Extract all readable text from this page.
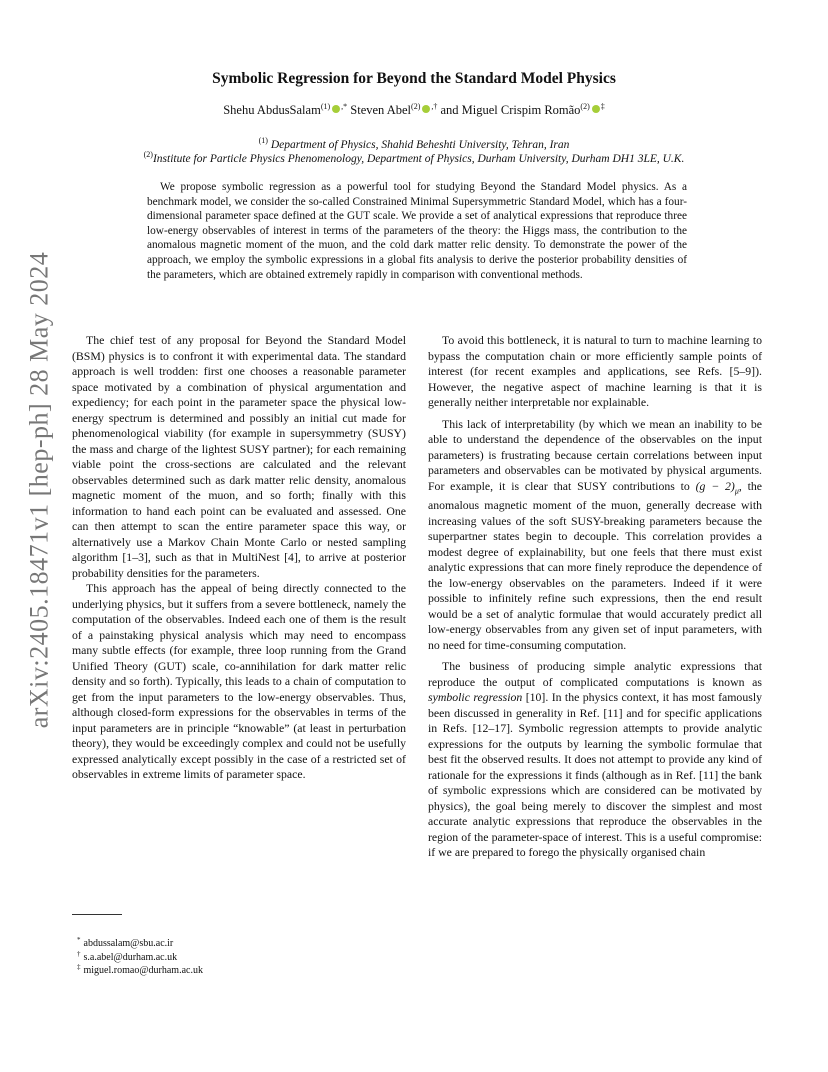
arXiv:2405.18471v1 [hep-ph] 28 May 2024
Symbolic Regression for Beyond the Standard Model Physics
Shehu AbdusSalam$^{(1)}$ ,* Steven Abel$^{(2)}$ ,† and Miguel Crispim Romão$^{(2)}$ ‡
$^{(1)}$ Department of Physics, Shahid Beheshti University, Tehran, Iran
$^{(2)}$Institute for Particle Physics Phenomenology, Department of Physics, Durham University, Durham DH1 3LE, U.K.

We propose symbolic regression as a powerful tool for studying Beyond the Standard Model physics. As a benchmark model, we consider the so-called Constrained Minimal Supersymmetric Standard Model, which has a four-dimensional parameter space defined at the GUT scale. We provide a set of analytical expressions that reproduce three low-energy observables of interest in terms of the parameters of the theory: the Higgs mass, the contribution to the anomalous magnetic moment of the muon, and the cold dark matter relic density. To demonstrate the power of the approach, we employ the symbolic expressions in a global fits analysis to derive the posterior probability densities of the parameters, which are obtained extremely rapidly in comparison with conventional methods.

The chief test of any proposal for Beyond the Standard Model (BSM) physics is to confront it with experimental data. The standard approach is well trodden: first one chooses a reasonable parameter space motivated by a combination of physical argumentation and expediency; for each point in the parameter space the physical low-energy spectrum is determined and possibly an initial cut made for phenomenological viability (for example in supersymmetry (SUSY) the mass and charge of the lightest SUSY partner); for each remaining viable point the cross-sections are calculated and the relevant observables determined such as dark matter relic density, anomalous magnetic moment of the muon, and so forth; finally with this information to hand each point can be evaluated and assessed. One can then attempt to scan the entire parameter space this way, or alternatively use a Markov Chain Monte Carlo or nested sampling algorithm [1–3], such as that in MultiNest [4], to arrive at posterior probability densities for the parameters.

This approach has the appeal of being directly connected to the underlying physics, but it suffers from a severe bottleneck, namely the computation of the observables. Indeed each one of them is the result of a painstaking physical analysis which may need to encompass many subtle effects (for example, three loop running from the Grand Unified Theory (GUT) scale, co-annihilation for dark matter relic density and so forth). Typically, this leads to a chain of computation to get from the input parameters to the low-energy observables. Thus, although closed-form expressions for the observables in terms of the input parameters are in principle “knowable” (at least in perturbation theory), they would be exceedingly complex and could not be usefully expressed analytically except possibly in the case of a restricted set of observables in extreme limits of parameter space.

To avoid this bottleneck, it is natural to turn to machine learning to bypass the computation chain or more efficiently sample points of interest (for recent examples and applications, see Refs. [5–9]). However, the negative aspect of machine learning is that it is generally neither interpretable nor explainable.

This lack of interpretability (by which we mean an inability to be able to understand the dependence of the observables on the input parameters) is frustrating because certain correlations between input parameters and observables can be motivated by physical arguments. For example, it is clear that SUSY contributions to $(g - 2)_\mu$, the anomalous magnetic moment of the muon, generally decrease with increasing values of the soft SUSY-breaking parameters because the superpartner states begin to decouple. This correlation provides a modest degree of explainability, but one feels that there must exist analytic expressions that can more finely reproduce the dependence of the low-energy observables on the parameters. Indeed if it were possible to infinitely refine such expressions, then the end result would be a set of analytic formulae that would accurately predict all low-energy observables from any given set of input parameters, with no need for time-consuming computation.

The business of producing simple analytic expressions that reproduce the output of complicated computations is known as symbolic regression [10]. In the physics context, it has most famously been discussed in generality in Ref. [11] and for specific applications in Refs. [12–17]. Symbolic regression attempts to provide analytic expressions for the outputs by learning the symbolic formulae that best fit the observed results. It does not attempt to provide any kind of rationale for the expressions it finds (although as in Ref. [11] the bank of symbolic expressions which are considered can be motivated by physics), the goal being merely to discover the simplest and most accurate analytic expressions that reproduce the observables in the region of the parameter-space of interest. This is a useful compromise: if we are prepared to forego the physically organised chain

* abdussalam@sbu.ac.ir
† s.a.abel@durham.ac.uk
‡ miguel.romao@durham.ac.uk
